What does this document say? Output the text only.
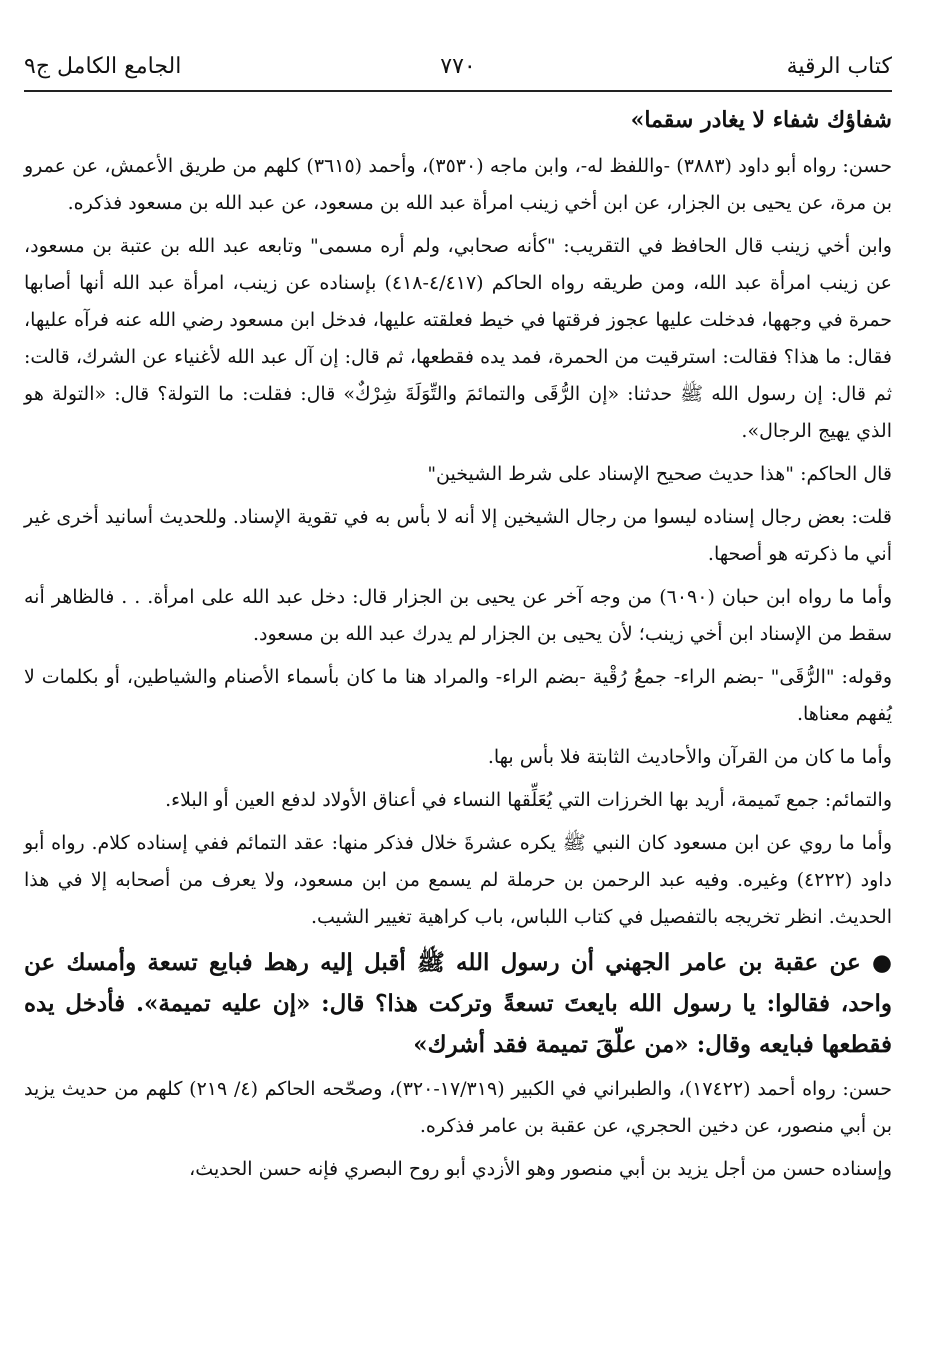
كتاب الرقية
٧٧٠
الجامع الكامل ج٩

شفاؤك شفاء لا يغادر سقما»

حسن: رواه أبو داود (٣٨٨٣) -واللفظ له-، وابن ماجه (٣٥٣٠)، وأحمد (٣٦١٥) كلهم من طريق الأعمش، عن عمرو بن مرة، عن يحيى بن الجزار، عن ابن أخي زينب امرأة عبد الله بن مسعود، عن عبد الله بن مسعود فذكره.

وابن أخي زينب قال الحافظ في التقريب: "كأنه صحابي، ولم أره مسمى" وتابعه عبد الله بن عتبة بن مسعود، عن زينب امرأة عبد الله، ومن طريقه رواه الحاكم (٤/٤١٧-٤١٨) بإسناده عن زينب، امرأة عبد الله أنها أصابها حمرة في وجهها، فدخلت عليها عجوز فرقتها في خيط فعلقته عليها، فدخل ابن مسعود رضي الله عنه فرآه عليها، فقال: ما هذا؟ فقالت: استرقيت من الحمرة، فمد يده فقطعها، ثم قال: إن آل عبد الله لأغنياء عن الشرك، قالت: ثم قال: إن رسول الله ﷺ حدثنا: «إن الرُّقَى والتمائمَ والتِّوَلَةَ شِرْكٌ» قال: فقلت: ما التولة؟ قال: «التولة هو الذي يهيج الرجال».

قال الحاكم: "هذا حديث صحيح الإسناد على شرط الشيخين"

قلت: بعض رجال إسناده ليسوا من رجال الشيخين إلا أنه لا بأس به في تقوية الإسناد. وللحديث أسانيد أخرى غير أني ما ذكرته هو أصحها.

وأما ما رواه ابن حبان (٦٠٩٠) من وجه آخر عن يحيى بن الجزار قال: دخل عبد الله على امرأة. . . فالظاهر أنه سقط من الإسناد ابن أخي زينب؛ لأن يحيى بن الجزار لم يدرك عبد الله بن مسعود.

وقوله: "الرُّقَى" -بضم الراء- جمعُ رُقْية -بضم الراء- والمراد هنا ما كان بأسماء الأصنام والشياطين، أو بكلمات لا يُفهم معناها.

وأما ما كان من القرآن والأحاديث الثابتة فلا بأس بها.

والتمائم: جمع تَميمة، أريد بها الخرزات التي يُعَلِّقها النساء في أعناق الأولاد لدفع العين أو البلاء.

وأما ما روي عن ابن مسعود كان النبي ﷺ يكره عشرةَ خلال فذكر منها: عقد التمائم ففي إسناده كلام. رواه أبو داود (٤٢٢٢) وغيره. وفيه عبد الرحمن بن حرملة لم يسمع من ابن مسعود، ولا يعرف من أصحابه إلا في هذا الحديث. انظر تخريجه بالتفصيل في كتاب اللباس، باب كراهية تغيير الشيب.

● عن عقبة بن عامر الجهني أن رسول الله ﷺ أقبل إليه رهط فبايع تسعة وأمسك عن واحد، فقالوا: يا رسول الله بايعتَ تسعةً وتركت هذا؟ قال: «إن عليه تميمة». فأدخل يده فقطعها فبايعه وقال: «من علّقَ تميمة فقد أشرك»

حسن: رواه أحمد (١٧٤٢٢)، والطبراني في الكبير (١٧/٣١٩-٣٢٠)، وصحّحه الحاكم (٤/ ٢١٩) كلهم من حديث يزيد بن أبي منصور، عن دخين الحجري، عن عقبة بن عامر فذكره.

وإسناده حسن من أجل يزيد بن أبي منصور وهو الأزدي أبو روح البصري فإنه حسن الحديث،
